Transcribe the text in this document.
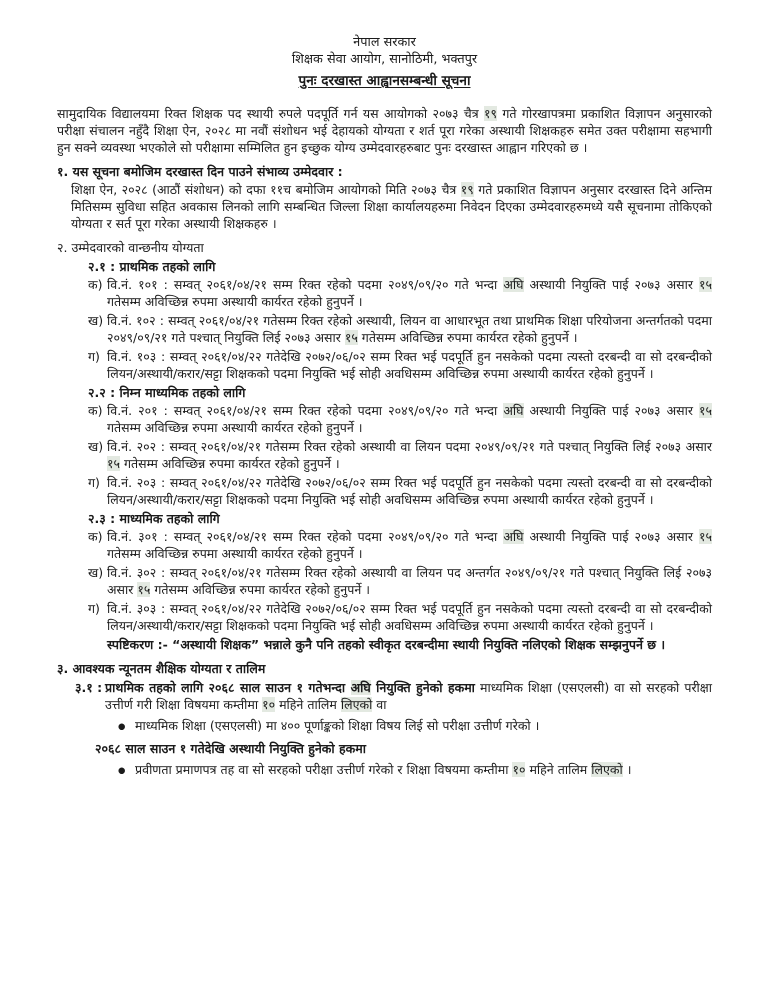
नेपाल सरकार
शिक्षक सेवा आयोग, सानोठिमी, भक्तपुर
पुनः दरखास्त आह्वानसम्बन्धी सूचना

सामुदायिक विद्यालयमा रिक्त शिक्षक पद स्थायी रुपले पदपूर्ति गर्न यस आयोगको २०७३ चैत्र १९ गते गोरखापत्रमा प्रकाशित विज्ञापन अनुसारको परीक्षा संचालन नहुँदै शिक्षा ऐन, २०२८ मा नवौं संशोधन भई देहायको योग्यता र शर्त पूरा गरेका अस्थायी शिक्षकहरु समेत उक्त परीक्षामा सहभागी हुन सक्ने व्यवस्था भएकोले सो परीक्षामा सम्मिलित हुन इच्छुक योग्य उम्मेदवारहरुबाट पुनः दरखास्त आह्वान गरिएको छ ।

१. यस सूचना बमोजिम दरखास्त दिन पाउने संभाव्य उम्मेदवार :

शिक्षा ऐन, २०२८ (आठौं संशोधन) को दफा ११च बमोजिम आयोगको मिति २०७३ चैत्र १९ गते प्रकाशित विज्ञापन अनुसार दरखास्त दिने अन्तिम मितिसम्म सुविधा सहित अवकास लिनको लागि सम्बन्धित जिल्ला शिक्षा कार्यालयहरुमा निवेदन दिएका उम्मेदवारहरुमध्ये यसै सूचनामा तोकिएको योग्यता र सर्त पूरा गरेका अस्थायी शिक्षकहरु ।

२. उम्मेदवारको वान्छनीय योग्यता
२.१ : प्राथमिक तहको लागि
क) वि.नं. १०१ : सम्वत् २०६१/०४/२१ सम्म रिक्त रहेको पदमा २०४९/०९/२० गते भन्दा अघि अस्थायी नियुक्ति पाई २०७३ असार १५ गतेसम्म अविच्छिन्न रुपमा अस्थायी कार्यरत रहेको हुनुपर्ने ।
ख) वि.नं. १०२ : सम्वत् २०६१/०४/२१ गतेसम्म रिक्त रहेको अस्थायी, लियन वा आधारभूत तथा प्राथमिक शिक्षा परियोजना अन्तर्गतको पदमा २०४९/०९/२१ गते पश्चात् नियुक्ति लिई २०७३ असार १५ गतेसम्म अविच्छिन्न रुपमा कार्यरत रहेको हुनुपर्ने ।
ग) वि.नं. १०३ : सम्वत् २०६१/०४/२२ गतेदेखि २०७२/०६/०२ सम्म रिक्त भई पदपूर्ति हुन नसकेको पदमा त्यस्तो दरबन्दी वा सो दरबन्दीको लियन/अस्थायी/करार/सट्टा शिक्षकको पदमा नियुक्ति भई सोही अवधिसम्म अविच्छिन्न रुपमा अस्थायी कार्यरत रहेको हुनुपर्ने ।
२.२ : निम्न माध्यमिक तहको लागि
क) वि.नं. २०१ : सम्वत् २०६१/०४/२१ सम्म रिक्त रहेको पदमा २०४९/०९/२० गते भन्दा अघि अस्थायी नियुक्ति पाई २०७३ असार १५ गतेसम्म अविच्छिन्न रुपमा अस्थायी कार्यरत रहेको हुनुपर्ने ।
ख) वि.नं. २०२ : सम्वत् २०६१/०४/२१ गतेसम्म रिक्त रहेको अस्थायी वा लियन पदमा २०४९/०९/२१ गते पश्चात् नियुक्ति लिई २०७३ असार १५ गतेसम्म अविच्छिन्न रुपमा कार्यरत रहेको हुनुपर्ने ।
ग) वि.नं. २०३ : सम्वत् २०६१/०४/२२ गतेदेखि २०७२/०६/०२ सम्म रिक्त भई पदपूर्ति हुन नसकेको पदमा त्यस्तो दरबन्दी वा सो दरबन्दीको लियन/अस्थायी/करार/सट्टा शिक्षकको पदमा नियुक्ति भई सोही अवधिसम्म अविच्छिन्न रुपमा अस्थायी कार्यरत रहेको हुनुपर्ने ।
२.३ : माध्यमिक तहको लागि
क) वि.नं. ३०१ : सम्वत् २०६१/०४/२१ सम्म रिक्त रहेको पदमा २०४९/०९/२० गते भन्दा अघि अस्थायी नियुक्ति पाई २०७३ असार १५ गतेसम्म अविच्छिन्न रुपमा अस्थायी कार्यरत रहेको हुनुपर्ने ।
ख) वि.नं. ३०२ : सम्वत् २०६१/०४/२१ गतेसम्म रिक्त रहेको अस्थायी वा लियन पद अन्तर्गत २०४९/०९/२१ गते पश्चात् नियुक्ति लिई २०७३ असार १५ गतेसम्म अविच्छिन्न रुपमा कार्यरत रहेको हुनुपर्ने ।
ग) वि.नं. ३०३ : सम्वत् २०६१/०४/२२ गतेदेखि २०७२/०६/०२ सम्म रिक्त भई पदपूर्ति हुन नसकेको पदमा त्यस्तो दरबन्दी वा सो दरबन्दीको लियन/अस्थायी/करार/सट्टा शिक्षकको पदमा नियुक्ति भई सोही अवधिसम्म अविच्छिन्न रुपमा अस्थायी कार्यरत रहेको हुनुपर्ने ।

स्पष्टिकरण :- “अस्थायी शिक्षक” भन्नाले कुनै पनि तहको स्वीकृत दरबन्दीमा स्थायी नियुक्ति नलिएको शिक्षक सम्झनुपर्ने छ ।

३. आवश्यक न्यूनतम शैक्षिक योग्यता र तालिम
३.१ : प्राथमिक तहको लागि २०६८ साल साउन १ गतेभन्दा अघि नियुक्ति हुनेको हकमा माध्यमिक शिक्षा (एसएलसी) वा सो सरहको परीक्षा उत्तीर्ण गरी शिक्षा विषयमा कम्तीमा १० महिने तालिम लिएको वा
●
माध्यमिक शिक्षा (एसएलसी) मा ४०० पूर्णाङ्कको शिक्षा विषय लिई सो परीक्षा उत्तीर्ण गरेको ।

२०६८ साल साउन १ गतेदेखि अस्थायी नियुक्ति हुनेको हकमा

●
प्रवीणता प्रमाणपत्र तह वा सो सरहको परीक्षा उत्तीर्ण गरेको र शिक्षा विषयमा कम्तीमा १० महिने तालिम लिएको ।
